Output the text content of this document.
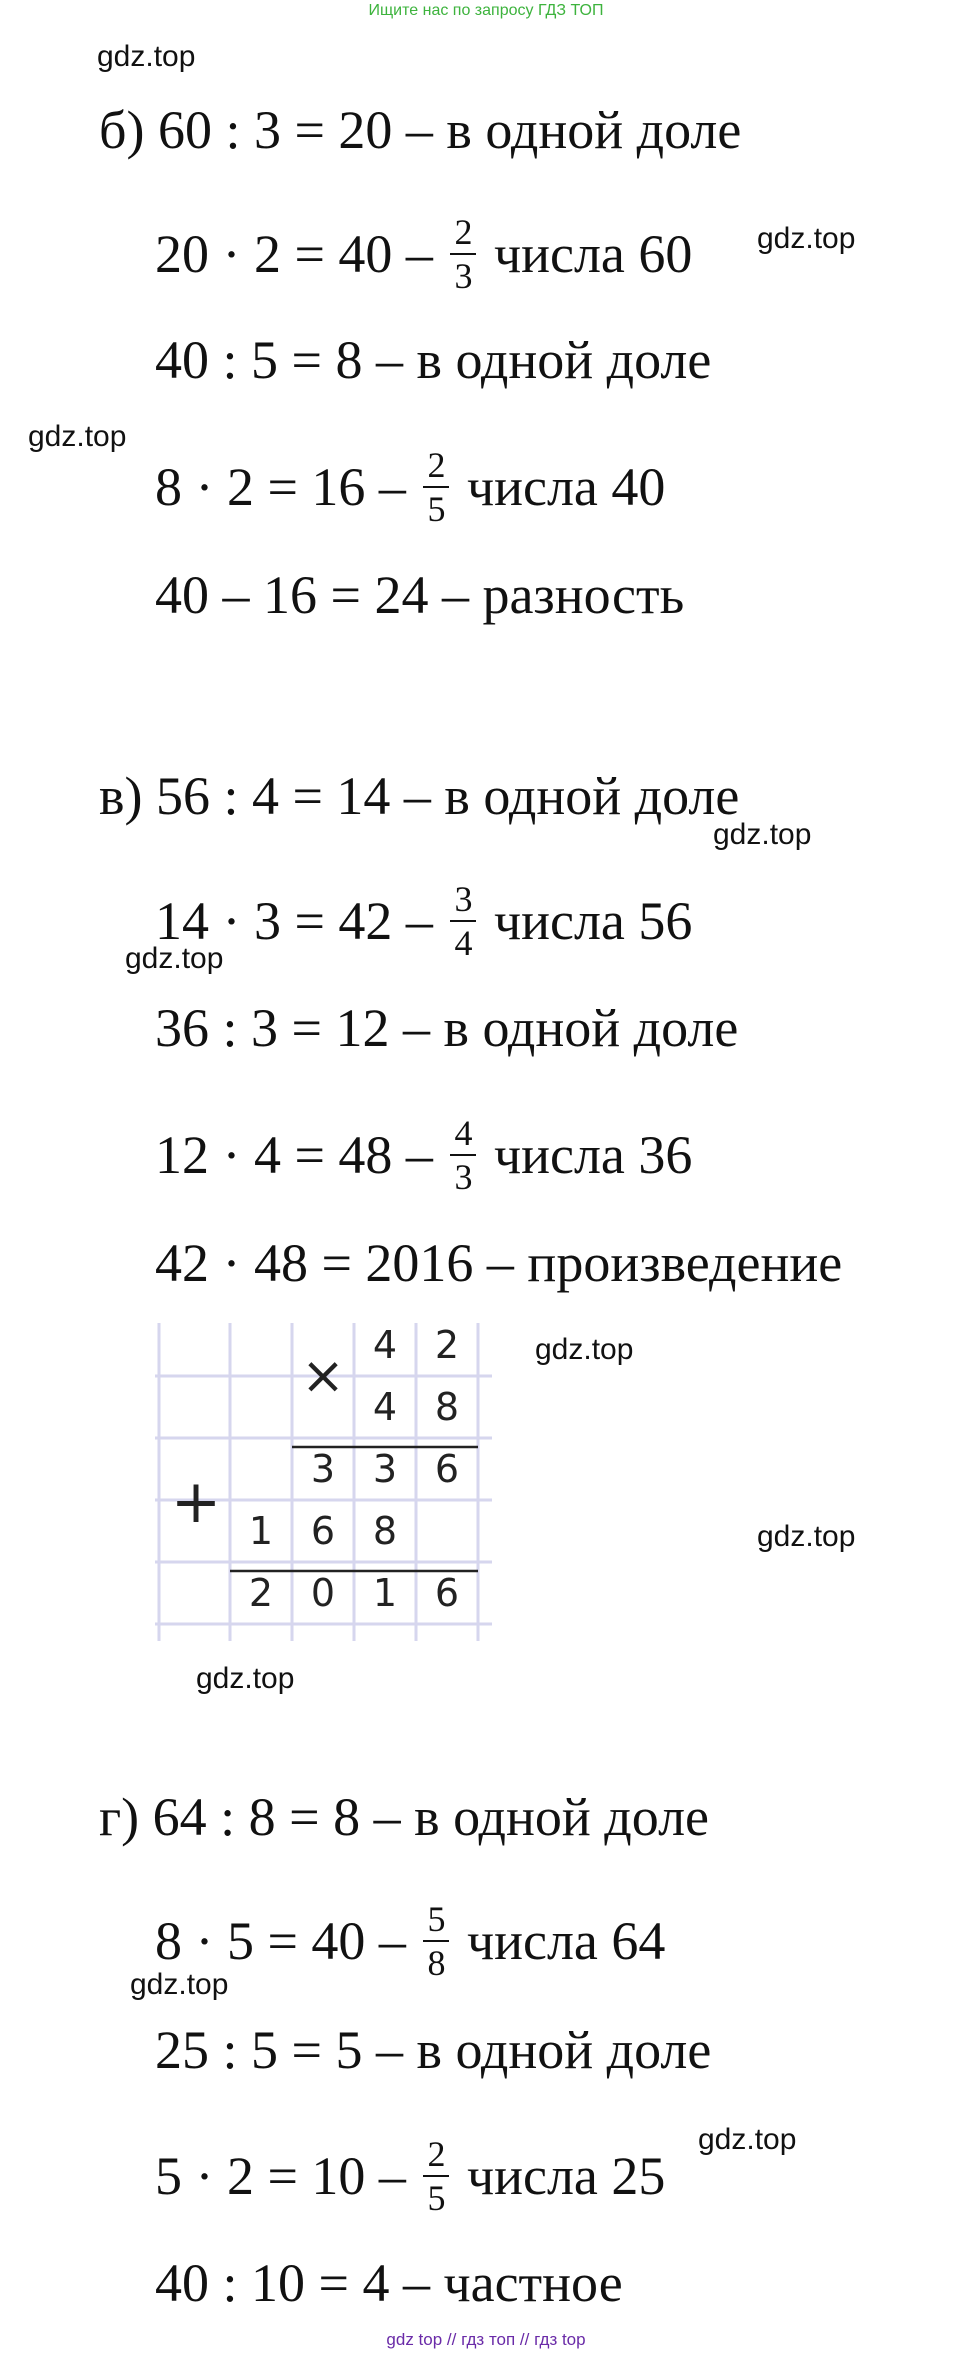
Ищите нас по запросу ГДЗ ТОП
gdz.top
gdz.top
gdz.top
gdz.top
gdz.top
gdz.top
gdz.top
gdz.top
gdz.top
gdz.top
б) 60 : 3 = 20 – в одной доле
$20 \cdot 2 = 40 - \frac{2}{3}$ числа 60
40 : 5 = 8 – в одной доле
$8 \cdot 2 = 16 - \frac{2}{5}$ числа 40
40 – 16 = 24 – разность
в) 56 : 4 = 14 – в одной доле
$14 \cdot 3 = 42 - \frac{3}{4}$ числа 56
36 : 3 = 12 – в одной доле
$12 \cdot 4 = 48 - \frac{4}{3}$ числа 36
42 · 48 = 2016 – произведение
×
+
4 2
4 8
3 3 6
1 6 8
2 0 1 6
г) 64 : 8 = 8 – в одной доле
$8 \cdot 5 = 40 - \frac{5}{8}$ числа 64
25 : 5 = 5 – в одной доле
$5 \cdot 2 = 10 - \frac{2}{5}$ числа 25
40 : 10 = 4 – частное
gdz top // гдз топ // гдз top
